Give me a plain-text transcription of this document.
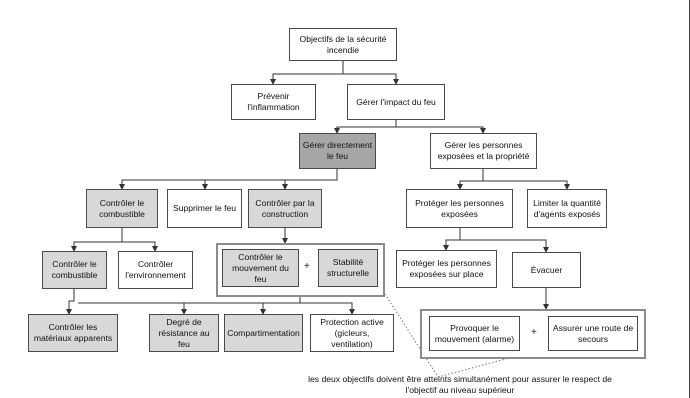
Objectifs de la sécurité incendie
Prévenir l'inflammation
Gérer l'impact du feu
Gérer directement le feu
Gérer les personnes exposées et la propriété
Contrôler le combustible
Supprimer le feu
Contrôler par la construction
Protéger les personnes exposées
Limiter la quantité d'agents exposés
Contrôler le combustible
Contrôler l'environnement
Contrôler le mouvement du feu
+	Stabilité structurelle
Protéger les personnes exposées sur place	Évacuer
Contrôler les matériaux apparents
Degré de résistance au feu
Compartimentation
Protection active (gicleurs, ventilation)
Provoquer le mouvement (alarme)
+	Assurer une route de secours
les deux objectifs doivent être atteints simultanément pour assurer le respect de l'objectif au niveau supérieur
